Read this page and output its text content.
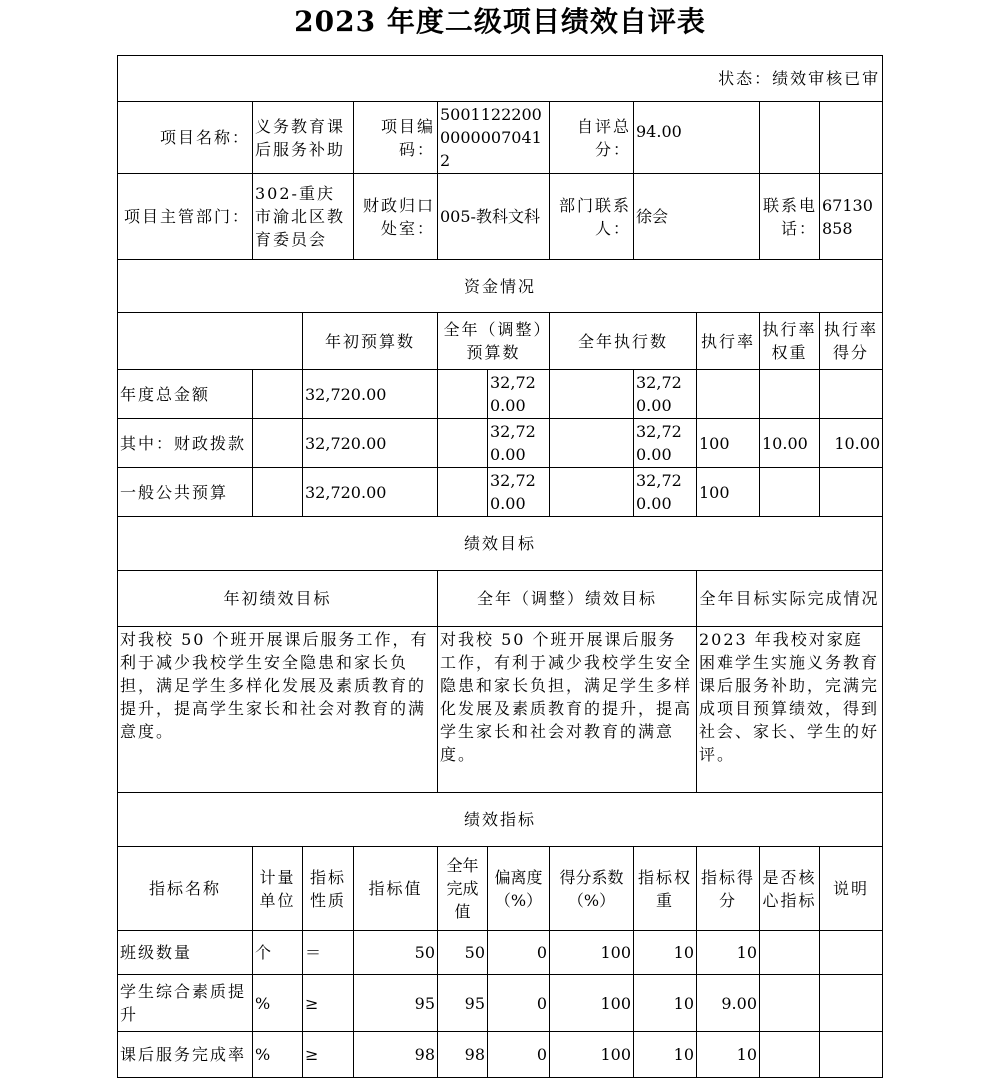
2023 年度二级项目绩效自评表
状态：绩效审核已审										
项目名称：	义务教育课后服务补助		项目编码：	500112220000000070412		自评总分：	94.00			
项目主管部门：	302-重庆市渝北区教育委员会		财政归口处室：	005-教科文科		部门联系人：	徐会		联系电话：	67130858
资金情况										
		年初预算数		全年（调整）预算数		全年执行数		执行率	执行率权重	执行率得分
年度总金额		32,720.00			32,720.00		32,720.00			
其中：财政拨款		32,720.00			32,720.00		32,720.00	100	10.00	10.00
一般公共预算		32,720.00			32,720.00		32,720.00	100		
绩效目标										
年初绩效目标				全年（调整）绩效目标				全年目标实际完成情况		
对我校 50 个班开展课后服务工作，有利于减少我校学生安全隐患和家长负担，满足学生多样化发展及素质教育的提升，提高学生家长和社会对教育的满意度。				对我校 50 个班开展课后服务工作，有利于减少我校学生安全隐患和家长负担，满足学生多样化发展及素质教育的提升，提高学生家长和社会对教育的满意度。				2023 年我校对家庭困难学生实施义务教育课后服务补助，完满完成项目预算绩效，得到社会、家长、学生的好评。		
绩效指标										
指标名称	计量单位	指标性质	指标值	全年完成值	偏离度（%）	得分系数（%）	指标权重	指标得分	是否核心指标	说明
班级数量	个	＝	50	50	0	100	10	10		
学生综合素质提升	%	≥	95	95	0	100	10	9.00		
课后服务完成率	%	≥	98	98	0	100	10	10		
